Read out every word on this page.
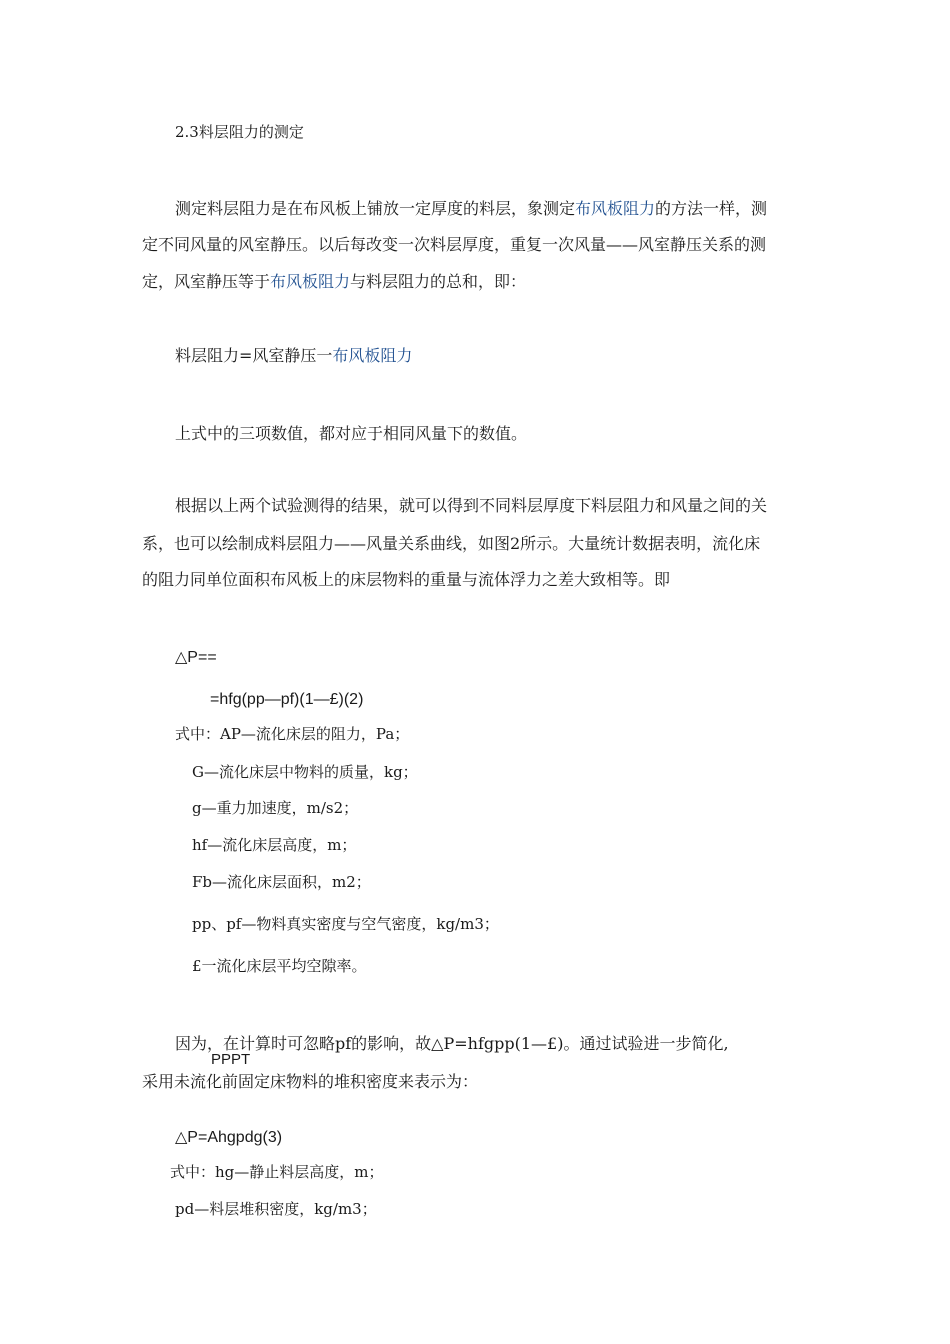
2.3料层阻力的测定
测定料层阻力是在布风板上铺放一定厚度的料层，象测定布风板阻力的方法一样，测
定不同风量的风室静压。以后每改变一次料层厚度，重复一次风量——风室静压关系的测
定，风室静压等于布风板阻力与料层阻力的总和，即：
料层阻力=风室静压一布风板阻力
上式中的三项数值，都对应于相同风量下的数值。
根据以上两个试验测得的结果，就可以得到不同料层厚度下料层阻力和风量之间的关
系，也可以绘制成料层阻力——风量关系曲线，如图2所示。大量统计数据表明，流化床
的阻力同单位面积布风板上的床层物料的重量与流体浮力之差大致相等。即
△P==
=hfg(pp—pf)(1—£)(2)
式中：AP—流化床层的阻力，Pa；
G—流化床层中物料的质量，kg；
g—重力加速度，m/s2；
hf—流化床层高度，m；
Fb—流化床层面积，m2；
pp、pf—物料真实密度与空气密度，kg/m3；
£一流化床层平均空隙率。
因为，在计算时可忽略pf的影响，故△P=hfgpp(1—£)。通过试验进一步简化,
PPPT
采用未流化前固定床物料的堆积密度来表示为：
△P=Ahgpdg(3)
式中：hg—静止料层高度，m；
pd—料层堆积密度，kg/m3；
